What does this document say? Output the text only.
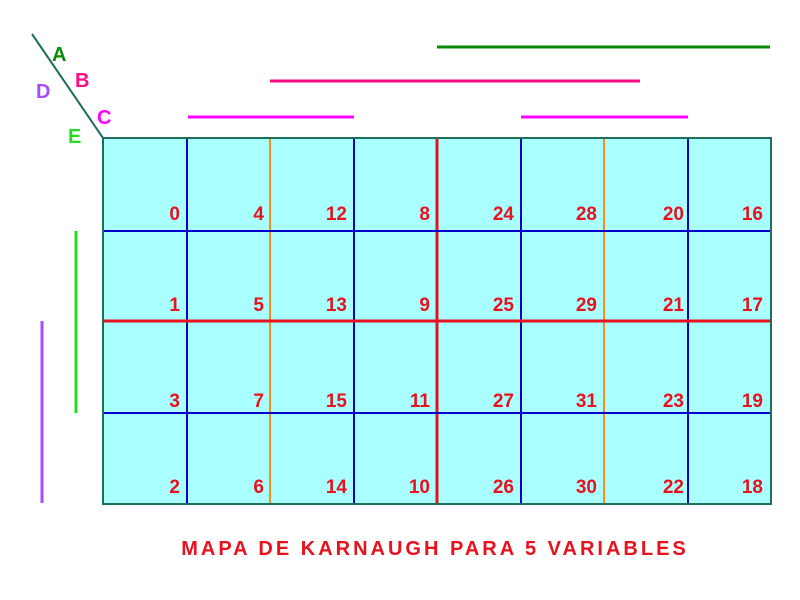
A
B
C
D
E
0	4	12	8	24	28	20	16
1	5	13	9	25	29	21	17
3	7	15	11	27	31	23	19
2	6	14	10	26	30	22	18
MAPA DE KARNAUGH PARA 5 VARIABLES
